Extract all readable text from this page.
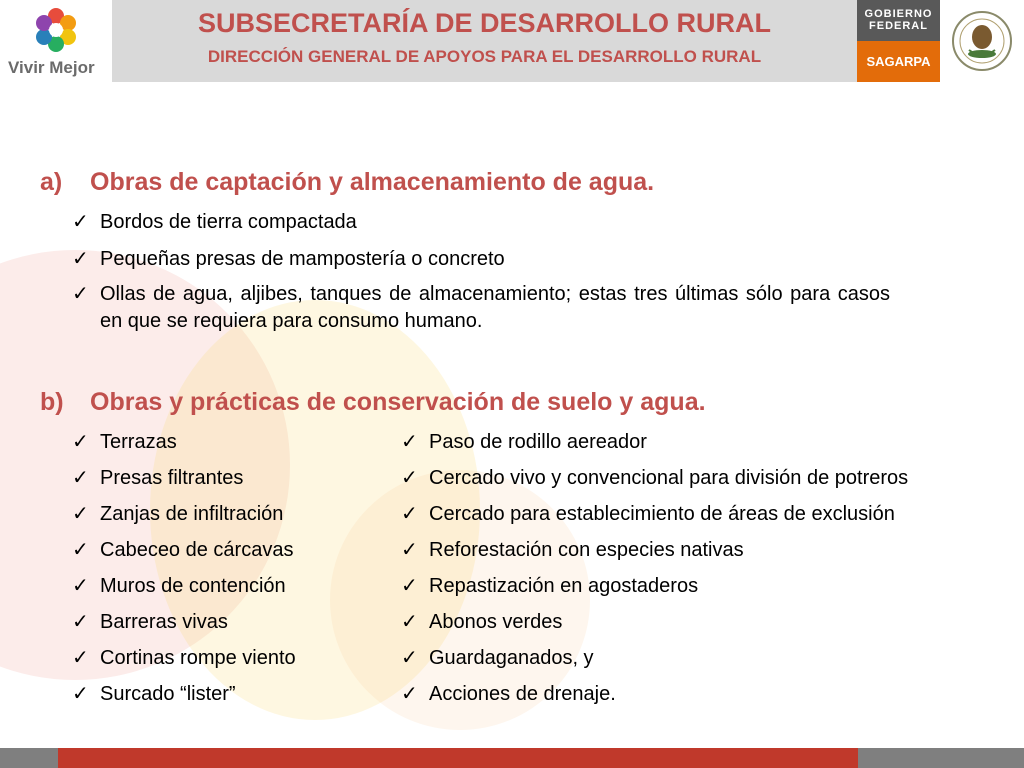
Vivir Mejor
SUBSECRETARÍA DE DESARROLLO RURAL
DIRECCIÓN GENERAL DE APOYOS PARA EL DESARROLLO RURAL
GOBIERNO
FEDERAL
SAGARPA
a) Obras de captación y almacenamiento de agua.
✓ Bordos de tierra compactada
✓ Pequeñas presas de mampostería o concreto
✓ Ollas de agua, aljibes, tanques de almacenamiento; estas tres últimas sólo para casos en que se requiera para consumo humano.
b) Obras y prácticas de conservación de suelo y agua.
✓ Terrazas
✓ Presas filtrantes
✓ Zanjas de infiltración
✓ Cabeceo de cárcavas
✓ Muros de contención
✓ Barreras vivas
✓ Cortinas rompe viento
✓ Surcado “lister”
✓ Paso de rodillo aereador
✓ Cercado vivo y convencional para división de potreros
✓ Cercado para establecimiento de áreas de exclusión
✓ Reforestación con especies nativas
✓ Repastización en agostaderos
✓ Abonos verdes
✓ Guardaganados, y
✓ Acciones de drenaje.
